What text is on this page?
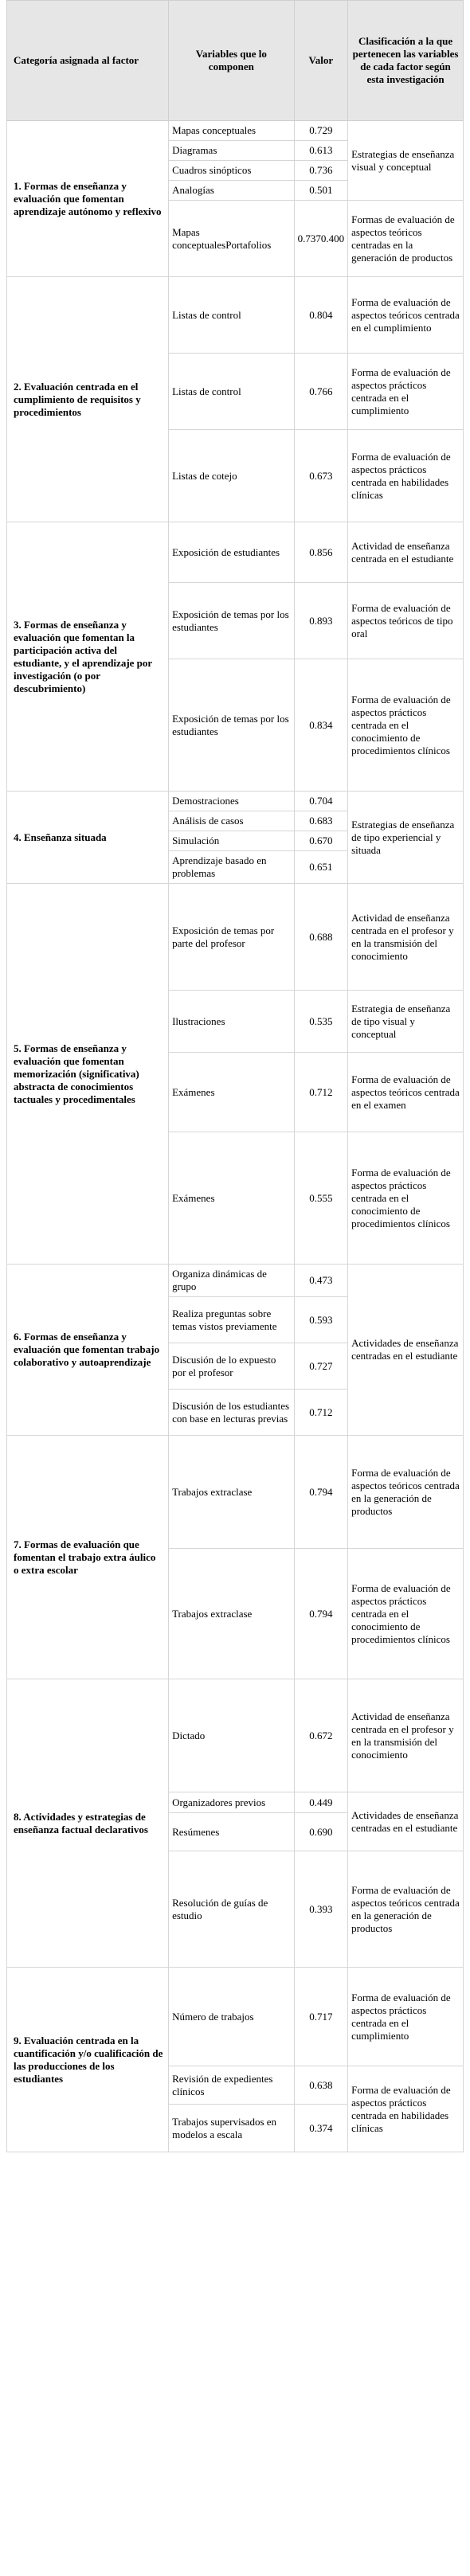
Categoría asignada al factor	Variables que lo componen	Valor	Clasificación a la que pertenecen las variables de cada factor según esta investigación
1. Formas de enseñanza y evaluación que fomentan aprendizaje autónomo y reflexivo	Mapas conceptuales	0.729	Estrategias de enseñanza visual y conceptual
	Diagramas	0.613	
	Cuadros sinópticos	0.736	
	Analogías	0.501	
	Mapas conceptualesPortafolios	0.7370.400	Formas de evaluación de aspectos teóricos centradas en la generación de productos
2. Evaluación centrada en el cumplimiento de requisitos y procedimientos	Listas de control	0.804	Forma de evaluación de aspectos teóricos centrada en el cumplimiento
	Listas de control	0.766	Forma de evaluación de aspectos prácticos centrada en el cumplimiento
	Listas de cotejo	0.673	Forma de evaluación de aspectos prácticos centrada en habilidades clínicas
3. Formas de enseñanza y evaluación que fomentan la participación activa del estudiante, y el aprendizaje por investigación (o por descubrimiento)	Exposición de estudiantes	0.856	Actividad de enseñanza centrada en el estudiante
	Exposición de temas por los estudiantes	0.893	Forma de evaluación de aspectos teóricos de tipo oral
	Exposición de temas por los estudiantes	0.834	Forma de evaluación de aspectos prácticos centrada en el conocimiento de procedimientos clínicos
4. Enseñanza situada	Demostraciones	0.704	Estrategias de enseñanza de tipo experiencial y situada
	Análisis de casos	0.683	
	Simulación	0.670	
	Aprendizaje basado en problemas	0.651	
5. Formas de enseñanza y evaluación que fomentan memorización (significativa) abstracta de conocimientos tactuales y procedimentales	Exposición de temas por parte del profesor	0.688	Actividad de enseñanza centrada en el profesor y en la transmisión del conocimiento
	Ilustraciones	0.535	Estrategia de enseñanza de tipo visual y conceptual
	Exámenes	0.712	Forma de evaluación de aspectos teóricos centrada en el examen
	Exámenes	0.555	Forma de evaluación de aspectos prácticos centrada en el conocimiento de procedimientos clínicos
6. Formas de enseñanza y evaluación que fomentan trabajo colaborativo y autoaprendizaje	Organiza dinámicas de grupo	0.473	Actividades de enseñanza centradas en el estudiante
	Realiza preguntas sobre temas vistos previamente	0.593	
	Discusión de lo expuesto por el profesor	0.727	
	Discusión de los estudiantes con base en lecturas previas	0.712	
7. Formas de evaluación que fomentan el trabajo extra áulico o extra escolar	Trabajos extraclase	0.794	Forma de evaluación de aspectos teóricos centrada en la generación de productos
	Trabajos extraclase	0.794	Forma de evaluación de aspectos prácticos centrada en el conocimiento de procedimientos clínicos
8. Actividades y estrategias de enseñanza factual declarativos	Dictado	0.672	Actividad de enseñanza centrada en el profesor y en la transmisión del conocimiento
	Organizadores previos	0.449	Actividades de enseñanza centradas en el estudiante
	Resúmenes	0.690	
	Resolución de guías de estudio	0.393	Forma de evaluación de aspectos teóricos centrada en la generación de productos
9. Evaluación centrada en la cuantificación y/o cualificación de las producciones de los estudiantes	Número de trabajos	0.717	Forma de evaluación de aspectos prácticos centrada en el cumplimiento
	Revisión de expedientes clínicos	0.638	Forma de evaluación de aspectos prácticos centrada en habilidades clínicas
	Trabajos supervisados en modelos a escala	0.374	
